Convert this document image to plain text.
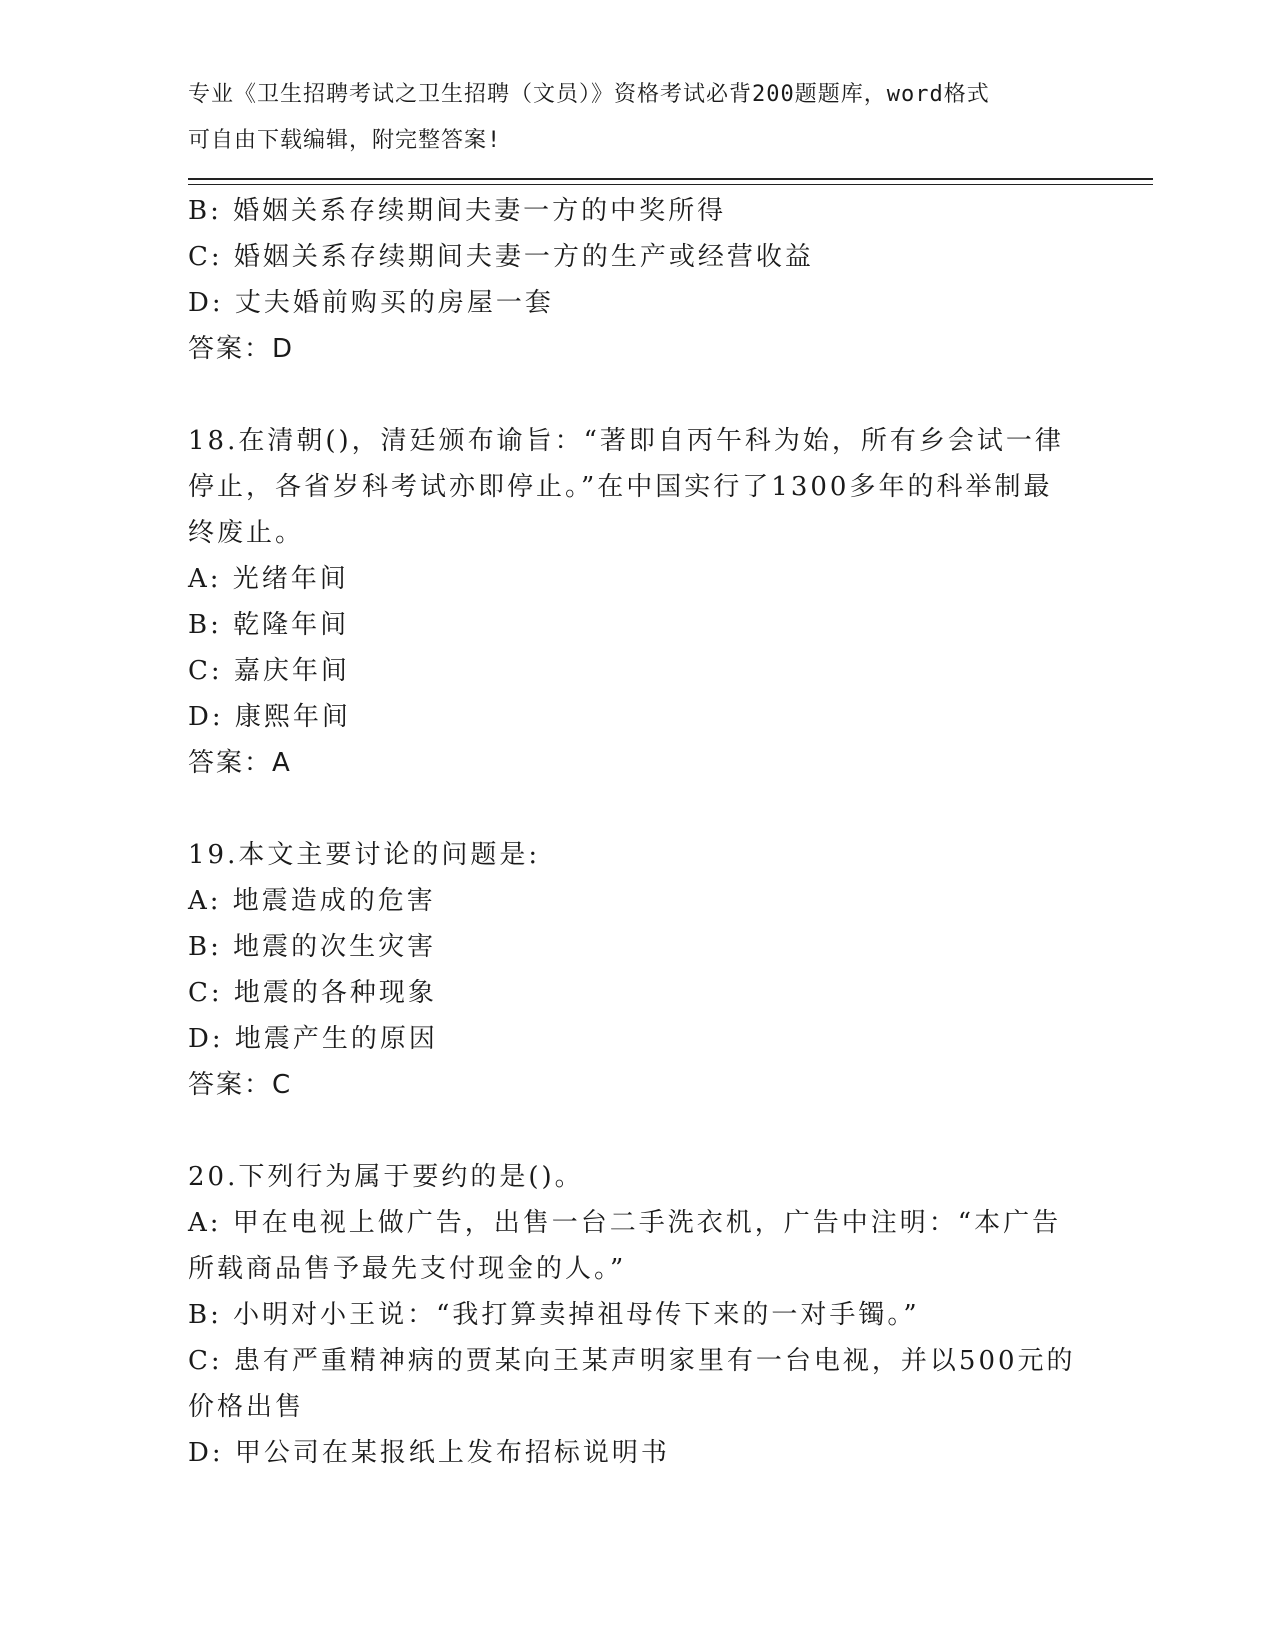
专业《卫生招聘考试之卫生招聘（文员）》资格考试必背200题题库，word格式
可自由下载编辑，附完整答案!
B: 婚姻关系存续期间夫妻一方的中奖所得
C: 婚姻关系存续期间夫妻一方的生产或经营收益
D: 丈夫婚前购买的房屋一套
答案：D
18.在清朝()，清廷颁布谕旨：“著即自丙午科为始，所有乡会试一律
停止，各省岁科考试亦即停止。”在中国实行了1300多年的科举制最
终废止。
A: 光绪年间
B: 乾隆年间
C: 嘉庆年间
D: 康熙年间
答案：A
19.本文主要讨论的问题是:
A: 地震造成的危害
B: 地震的次生灾害
C: 地震的各种现象
D: 地震产生的原因
答案：C
20.下列行为属于要约的是()。
A: 甲在电视上做广告，出售一台二手洗衣机，广告中注明：“本广告
所载商品售予最先支付现金的人。”
B: 小明对小王说：“我打算卖掉祖母传下来的一对手镯。”
C: 患有严重精神病的贾某向王某声明家里有一台电视，并以500元的
价格出售
D: 甲公司在某报纸上发布招标说明书
